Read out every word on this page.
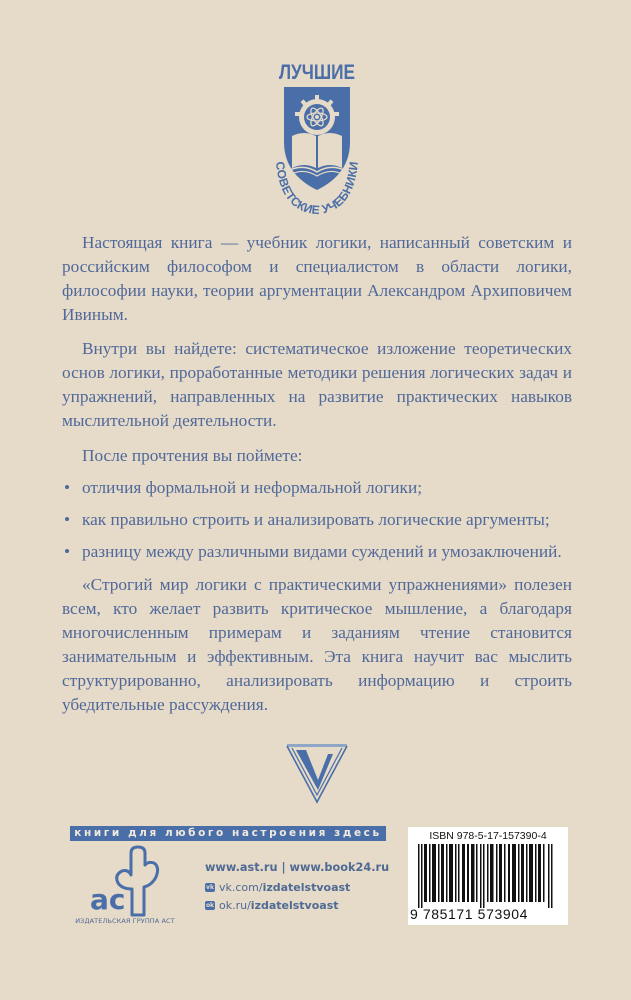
ЛУЧШИЕ
СОВЕТСКИЕ УЧЕБНИКИ
Настоящая книга — учебник логики, написанный советским и российским философом и специалистом в области логики, философии науки, теории аргументации Александром Архиповичем Ивиным.
Внутри вы найдете: систематическое изложение теоретических основ логики, проработанные методики решения логических задач и упражнений, направленных на развитие практических навыков мыслительной деятельности.
После прочтения вы поймете:
• отличия формальной и неформальной логики;
• как правильно строить и анализировать логические аргументы;
• разницу между различными видами суждений и умозаключений.
«Строгий мир логики с практическими упражнениями» полезен всем, кто желает развить критическое мышление, а благодаря многочисленным примерам и заданиям чтение становится занимательным и эффективным. Эта книга научит вас мыслить структурированно, анализировать информацию и строить убедительные рассуждения.
книги для любого настроения здесь
ас
ИЗДАТЕЛЬСКАЯ ГРУППА АСТ
www.ast.ru | www.book24.ru
vk vk.com/ izdatelstvoast
ok ok.ru/ izdatelstvoast
ISBN 978-5-17-157390-4
9 785171 573904
